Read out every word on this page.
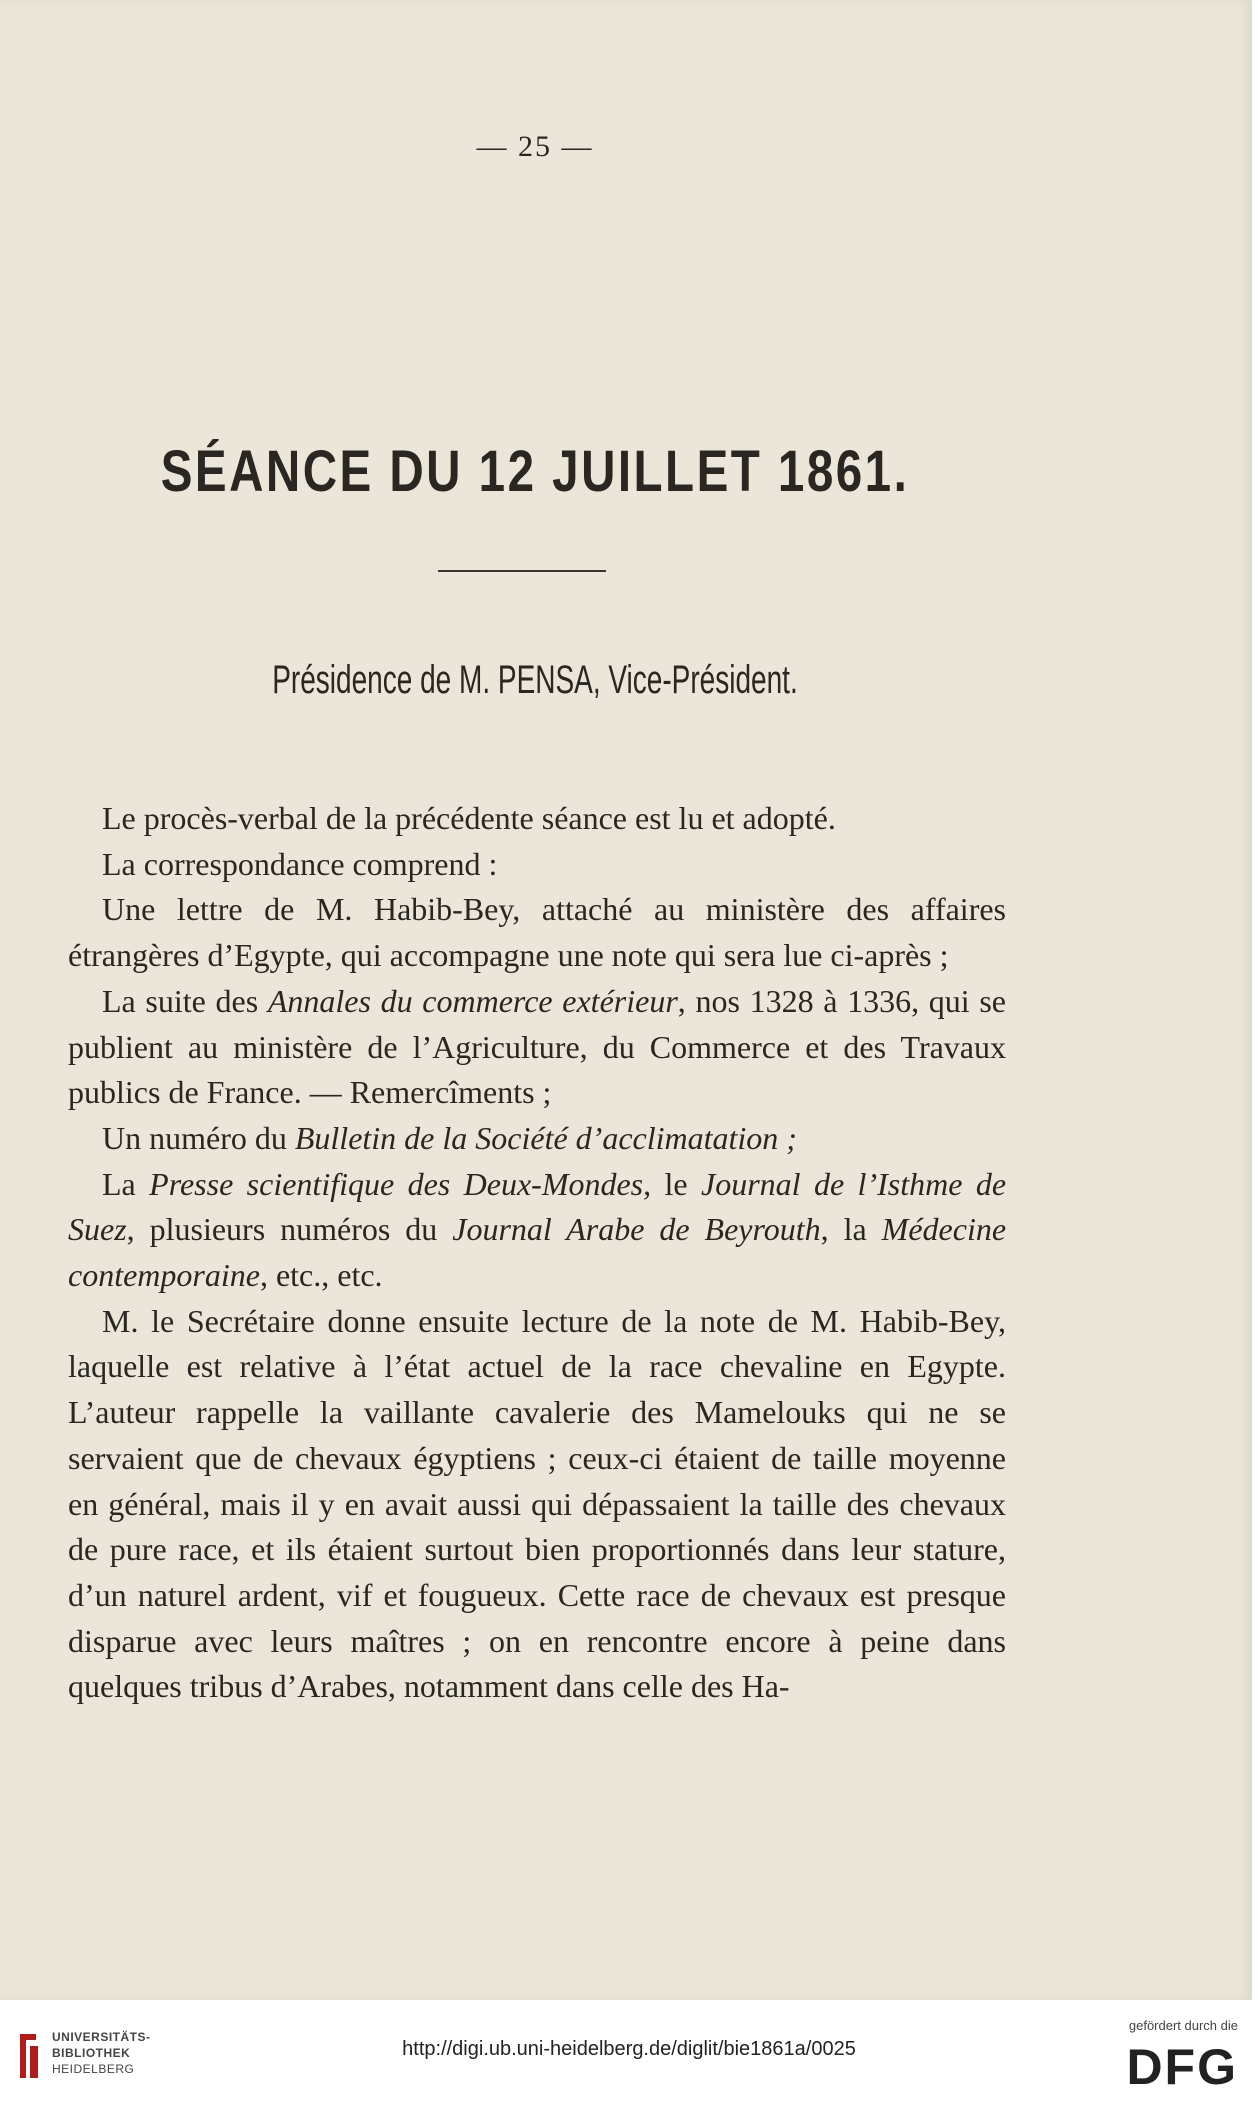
— 25 —
SÉANCE DU 12 JUILLET 1861.
Présidence de M. PENSA, Vice-Président.

Le procès-verbal de la précédente séance est lu et adopté.

La correspondance comprend :

Une lettre de M. Habib-Bey, attaché au ministère des affaires étrangères d’Egypte, qui accompagne une note qui sera lue ci-après ;

La suite des Annales du commerce extérieur, nos 1328 à 1336, qui se publient au ministère de l’Agriculture, du Commerce et des Travaux publics de France. — Remercîments ;

Un numéro du Bulletin de la Société d’acclimatation ;

La Presse scientifique des Deux-Mondes, le Journal de l’Isthme de Suez, plusieurs numéros du Journal Arabe de Beyrouth, la Médecine contemporaine, etc., etc.

M. le Secrétaire donne ensuite lecture de la note de M. Habib-Bey, laquelle est relative à l’état actuel de la race chevaline en Egypte. L’auteur rappelle la vaillante cavalerie des Mamelouks qui ne se servaient que de chevaux égyptiens ; ceux-ci étaient de taille moyenne en général, mais il y en avait aussi qui dépassaient la taille des chevaux de pure race, et ils étaient surtout bien proportionnés dans leur stature, d’un naturel ardent, vif et fougueux. Cette race de chevaux est presque disparue avec leurs maîtres ; on en rencontre encore à peine dans quelques tribus d’Arabes, notamment dans celle des Ha-

UNIVERSITÄTS-
BIBLIOTHEK
HEIDELBERG
http://digi.ub.uni-heidelberg.de/diglit/bie1861a/0025
gefördert durch die
DFG
